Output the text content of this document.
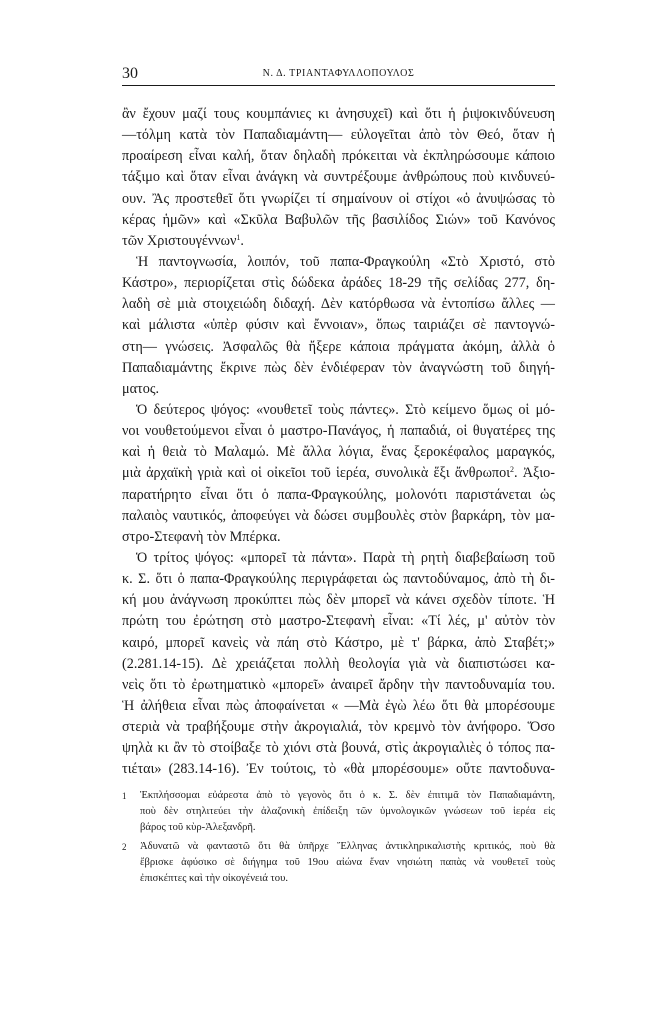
30	Ν. Δ. ΤΡΙΑΝΤΑΦΥΛΛΟΠΟΥΛΟΣ
ἂν ἔχουν μαζί τους κουμπάνιες κι ἀνησυχεῖ) καὶ ὅτι ἡ ῥιψοκινδύνευση
—τόλμη κατὰ τὸν Παπαδιαμάντη— εὐλογεῖται ἀπὸ τὸν Θεό, ὅταν ἡ
προαίρεση εἶναι καλή, ὅταν δηλαδὴ πρόκειται νὰ ἐκπληρώσουμε κάποιο
τάξιμο καὶ ὅταν εἶναι ἀνάγκη νὰ συντρέξουμε ἀνθρώπους ποὺ κινδυνεύ-
ουν. Ἂς προστεθεῖ ὅτι γνωρίζει τί σημαίνουν οἱ στίχοι «ὁ ἀνυψώσας τὸ
κέρας ἡμῶν» καὶ «Σκῦλα Βαβυλῶν τῆς βασιλίδος Σιών» τοῦ Κανόνος
τῶν Χριστουγέννων$^1$.
Ἡ παντογνωσία, λοιπόν, τοῦ παπα-Φραγκούλη «Στὸ Χριστό, στὸ
Κάστρο», περιορίζεται στὶς δώδεκα ἀράδες 18-29 τῆς σελίδας 277, δη-
λαδὴ σὲ μιὰ στοιχειώδη διδαχή. Δὲν κατόρθωσα νὰ ἐντοπίσω ἄλλες —
καὶ μάλιστα «ὑπὲρ φύσιν καὶ ἔννοιαν», ὅπως ταιριάζει σὲ παντογνώ-
στη— γνώσεις. Ἀσφαλῶς θὰ ἤξερε κάποια πράγματα ἀκόμη, ἀλλὰ ὁ
Παπαδιαμάντης ἔκρινε πὼς δὲν ἐνδιέφεραν τὸν ἀναγνώστη τοῦ διηγή-
ματος.
Ὁ δεύτερος ψόγος: «νουθετεῖ τοὺς πάντες». Στὸ κείμενο ὅμως οἱ μό-
νοι νουθετούμενοι εἶναι ὁ μαστρο-Πανάγος, ἡ παπαδιά, οἱ θυγατέρες της
καὶ ἡ θειὰ τὸ Μαλαμώ. Μὲ ἄλλα λόγια, ἕνας ξεροκέφαλος μαραγκός,
μιὰ ἀρχαϊκὴ γριὰ καὶ οἱ οἰκεῖοι τοῦ ἱερέα, συνολικὰ ἕξι ἄνθρωποι$^2$. Ἀξιο-
παρατήρητο εἶναι ὅτι ὁ παπα-Φραγκούλης, μολονότι παριστάνεται ὡς
παλαιὸς ναυτικός, ἀποφεύγει νὰ δώσει συμβουλὲς στὸν βαρκάρη, τὸν μα-
στρο-Στεφανὴ τὸν Μπέρκα.
Ὁ τρίτος ψόγος: «μπορεῖ τὰ πάντα». Παρὰ τὴ ρητὴ διαβεβαίωση τοῦ
κ. Σ. ὅτι ὁ παπα-Φραγκούλης περιγράφεται ὡς παντοδύναμος, ἀπὸ τὴ δι-
κή μου ἀνάγνωση προκύπτει πὼς δὲν μπορεῖ νὰ κάνει σχεδὸν τίποτε. Ἡ
πρώτη του ἐρώτηση στὸ μαστρο-Στεφανὴ εἶναι: «Τί λές, μ' αὐτὸν τὸν
καιρό, μπορεῖ κανεὶς νὰ πάη στὸ Κάστρο, μὲ τ' βάρκα, ἀπὸ Σταβέτ;»
(2.281.14-15). Δὲ χρειάζεται πολλὴ θεολογία γιὰ νὰ διαπιστώσει κα-
νεὶς ὅτι τὸ ἐρωτηματικὸ «μπορεῖ» ἀναιρεῖ ἄρδην τὴν παντοδυναμία του.
Ἡ ἀλήθεια εἶναι πὼς ἀποφαίνεται « —Μὰ ἐγὼ λέω ὅτι θὰ μπορέσουμε
στεριὰ νὰ τραβήξουμε στὴν ἀκρογιαλιά, τὸν κρεμνὸ τὸν ἀνήφορο. Ὅσο
ψηλὰ κι ἂν τὸ στοίβαξε τὸ χιόνι στὰ βουνά, στὶς ἀκρογιαλιὲς ὁ τόπος πα-
τιέται» (283.14-16). Ἐν τούτοις, τὸ «θὰ μπορέσουμε» οὔτε παντοδυνα-
1 Ἐκπλήσσομαι εὐάρεστα ἀπὸ τὸ γεγονὸς ὅτι ὁ κ. Σ. δὲν ἐπιτιμᾶ τὸν Παπαδιαμάντη,
ποὺ δὲν στηλιτεύει τὴν ἀλαζονικὴ ἐπίδειξη τῶν ὑμνολογικῶν γνώσεων τοῦ ἱερέα εἰς
βάρος τοῦ κὺρ-Ἀλεξανδρῆ.
2 Ἀδυνατῶ νὰ φανταστῶ ὅτι θὰ ὑπῆρχε Ἕλληνας ἀντικληρικαλιστὴς κριτικός, ποὺ θὰ
ἔβρισκε ἀφύσικο σὲ διήγημα τοῦ 19ου αἰώνα ἕναν νησιώτη παπὰς νὰ νουθετεῖ τοὺς
ἐπισκέπτες καὶ τὴν οἰκογένειά του.
